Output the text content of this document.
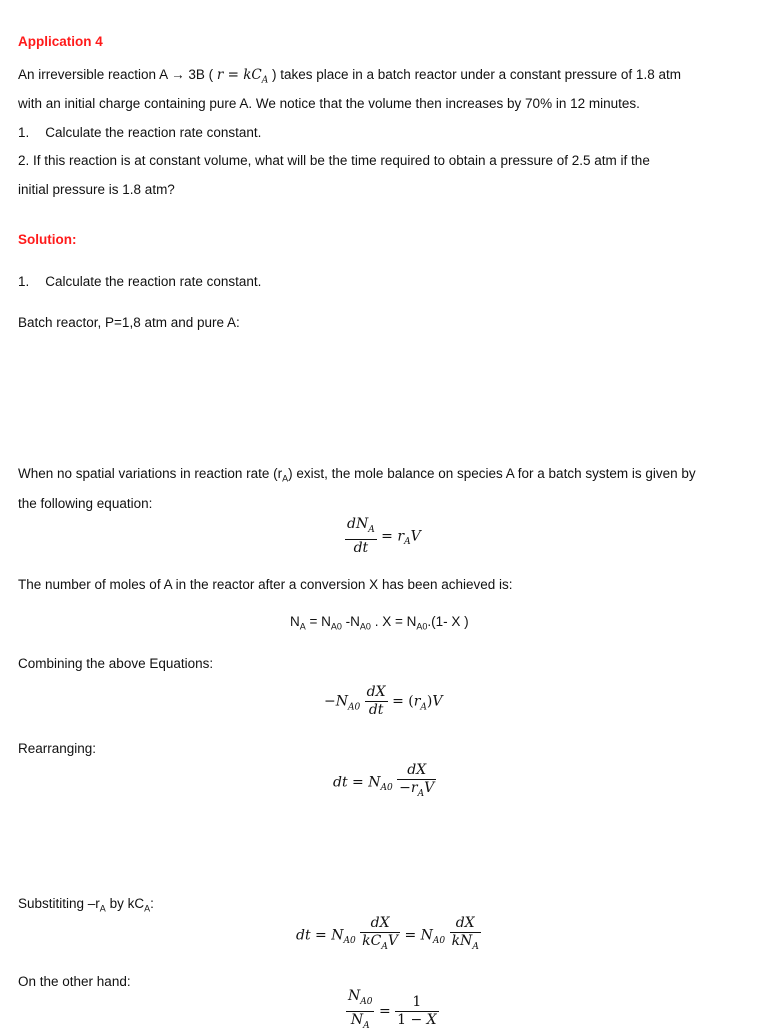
Application 4
An irreversible reaction A → 3B ( $r = kC_A$ ) takes place in a batch reactor under a constant pressure of 1.8 atm
with an initial charge containing pure A. We notice that the volume then increases by 70% in 12 minutes.
1. Calculate the reaction rate constant.
2. If this reaction is at constant volume, what will be the time required to obtain a pressure of 2.5 atm if the
initial pressure is 1.8 atm?
Solution:
1. Calculate the reaction rate constant.
Batch reactor, P=1,8 atm and pure A:
When no spatial variations in reaction rate $(r_A)$ exist, the mole balance on species A for a batch system is given by
the following equation:
$\frac{dN_A}{dt} = r_AV$
The number of moles of A in the reactor after a conversion X has been achieved is:
$N_A = N_{A0}$ $-N_{A0}$ . $X = N_{A0}.(1-$ X )
Combining the above Equations:
$-N_{A0} \frac{dX}{dt} = (r_A)V$
Rearranging:
dt = $N_{A0} \frac{dX}{-r_AV}$
Substititing $-r_A$ by $kC_A$:
dt = $N_{A0} \frac{dX}{kC_AV} = N_{A0} \frac{dX}{kN_A}$
On the other hand:
$\frac{N_{A0}}{N_A} = \frac{1}{1 - X}$
